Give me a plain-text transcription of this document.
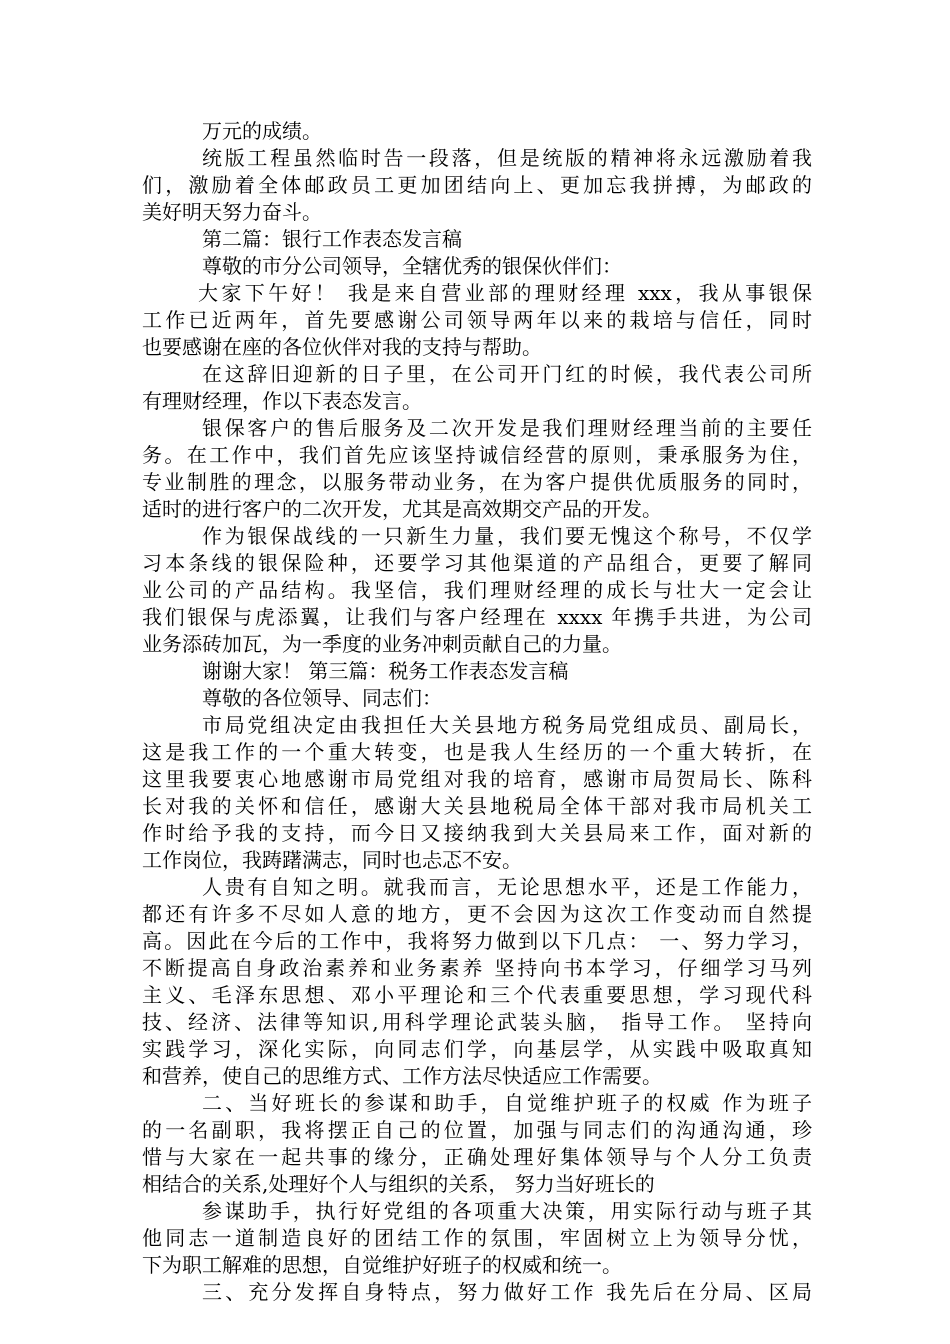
万元的成绩。
统版工程虽然临时告一段落，但是统版的精神将永远激励着我
们，激励着全体邮政员工更加团结向上、更加忘我拼搏，为邮政的
美好明天努力奋斗。
第二篇：银行工作表态发言稿
尊敬的市分公司领导，全辖优秀的银保伙伴们：
大家下午好！ 我是来自营业部的理财经理 xxx，我从事银保
工作已近两年，首先要感谢公司领导两年以来的栽培与信任，同时
也要感谢在座的各位伙伴对我的支持与帮助。
在这辞旧迎新的日子里，在公司开门红的时候，我代表公司所
有理财经理，作以下表态发言。
银保客户的售后服务及二次开发是我们理财经理当前的主要任
务。在工作中，我们首先应该坚持诚信经营的原则，秉承服务为住，
专业制胜的理念，以服务带动业务，在为客户提供优质服务的同时，
适时的进行客户的二次开发，尤其是高效期交产品的开发。
作为银保战线的一只新生力量，我们要无愧这个称号，不仅学
习本条线的银保险种，还要学习其他渠道的产品组合，更要了解同
业公司的产品结构。我坚信，我们理财经理的成长与壮大一定会让
我们银保与虎添翼，让我们与客户经理在 xxxx 年携手共进，为公司
业务添砖加瓦，为一季度的业务冲刺贡献自己的力量。
谢谢大家！ 第三篇：税务工作表态发言稿
尊敬的各位领导、同志们：
市局党组决定由我担任大关县地方税务局党组成员、副局长，
这是我工作的一个重大转变，也是我人生经历的一个重大转折，在
这里我要衷心地感谢市局党组对我的培育，感谢市局贺局长、陈科
长对我的关怀和信任，感谢大关县地税局全体干部对我市局机关工
作时给予我的支持，而今日又接纳我到大关县局来工作，面对新的
工作岗位，我踌躇满志，同时也忐忑不安。
人贵有自知之明。就我而言，无论思想水平，还是工作能力，
都还有许多不尽如人意的地方，更不会因为这次工作变动而自然提
高。因此在今后的工作中，我将努力做到以下几点： 一、努力学习，
不断提高自身政治素养和业务素养 坚持向书本学习，仔细学习马列
主义、毛泽东思想、邓小平理论和三个代表重要思想，学习现代科
技、经济、法律等知识,用科学理论武装头脑， 指导工作。 坚持向
实践学习，深化实际，向同志们学，向基层学，从实践中吸取真知
和营养，使自己的思维方式、工作方法尽快适应工作需要。
二、当好班长的参谋和助手，自觉维护班子的权威 作为班子
的一名副职，我将摆正自己的位置，加强与同志们的沟通沟通，珍
惜与大家在一起共事的缘分，正确处理好集体领导与个人分工负责
相结合的关系,处理好个人与组织的关系， 努力当好班长的
参谋助手，执行好党组的各项重大决策，用实际行动与班子其
他同志一道制造良好的团结工作的氛围，牢固树立上为领导分忧，
下为职工解难的思想，自觉维护好班子的权威和统一。
三、充分发挥自身特点，努力做好工作 我先后在分局、区局
